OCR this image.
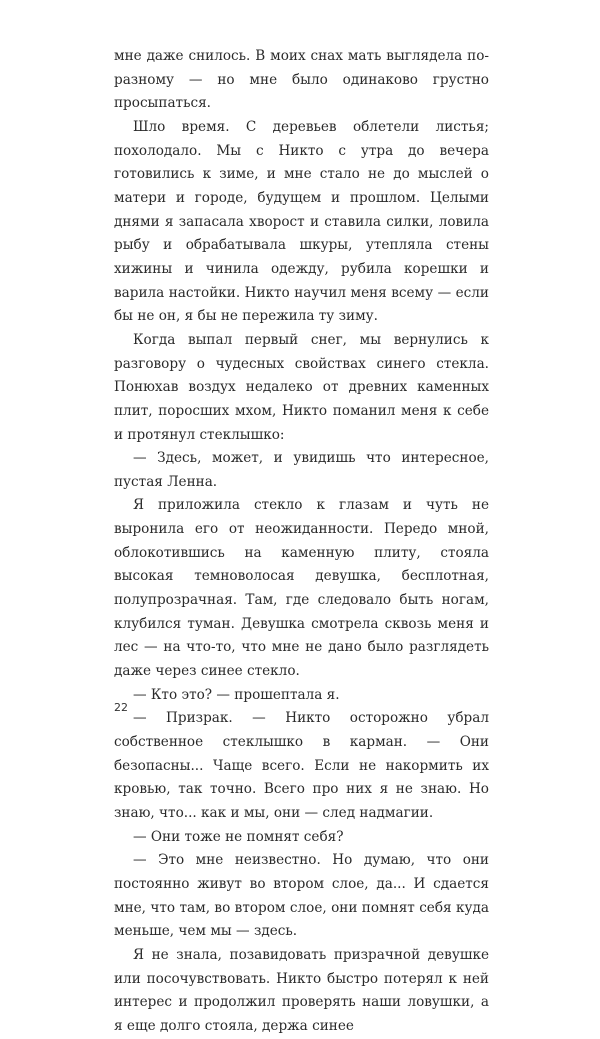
мне даже снилось. В моих снах мать выглядела по-разному — но мне было одинаково грустно просыпаться.

Шло время. С деревьев облетели листья; похолодало. Мы с Никто с утра до вечера готовились к зиме, и мне стало не до мыслей о матери и городе, будущем и прошлом. Целыми днями я запасала хворост и ставила силки, ловила рыбу и обрабатывала шкуры, утепляла стены хижины и чинила одежду, рубила корешки и варила настойки. Никто научил меня всему — если бы не он, я бы не пережила ту зиму.

Когда выпал первый снег, мы вернулись к разговору о чудесных свойствах синего стекла. Понюхав воздух недалеко от древних каменных плит, поросших мхом, Никто поманил меня к себе и протянул стеклышко:

— Здесь, может, и увидишь что интересное, пустая Ленна.

Я приложила стекло к глазам и чуть не выронила его от неожиданности. Передо мной, облокотившись на каменную плиту, стояла высокая темноволосая девушка, бесплотная, полупрозрачная. Там, где следовало быть ногам, клубился туман. Девушка смотрела сквозь меня и лес — на что-то, что мне не дано было разглядеть даже через синее стекло.

— Кто это? — прошептала я.

— Призрак. — Никто осторожно убрал собственное стеклышко в карман. — Они безопасны... Чаще всего. Если не накормить их кровью, так точно. Всего про них я не знаю. Но знаю, что... как и мы, они — след надмагии.

— Они тоже не помнят себя?

— Это мне неизвестно. Но думаю, что они постоянно живут во втором слое, да... И сдается мне, что там, во втором слое, они помнят себя куда меньше, чем мы — здесь.

Я не знала, позавидовать призрачной девушке или посочувствовать. Никто быстро потерял к ней интерес и продолжил проверять наши ловушки, а я еще долго стояла, держа синее

22
